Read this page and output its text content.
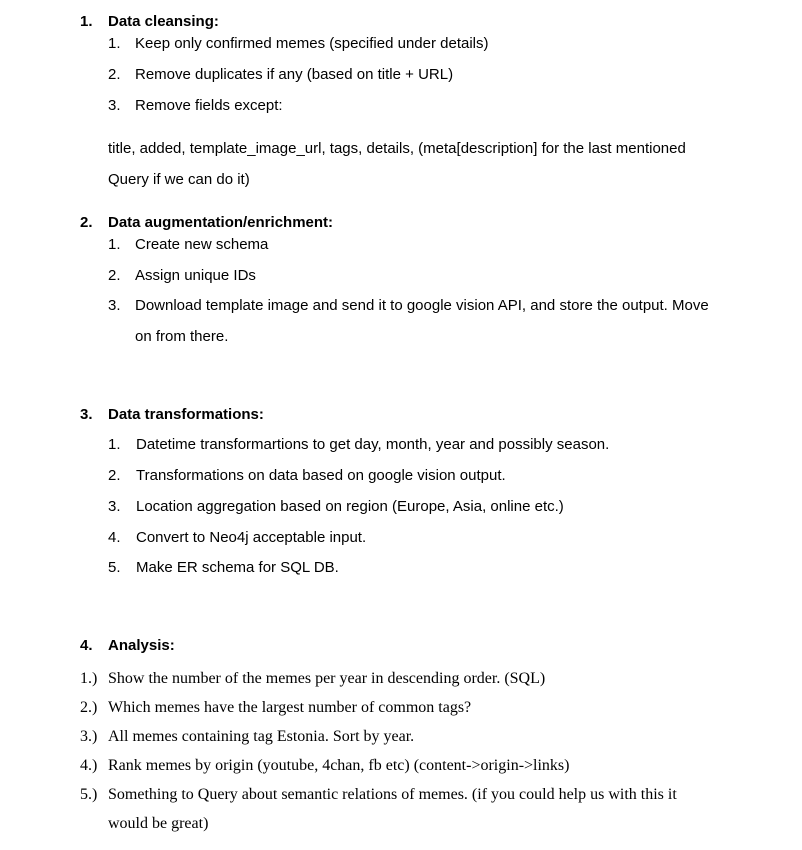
1. Data cleansing:
1. Keep only confirmed memes (specified under details)
2. Remove duplicates if any (based on title + URL)
3. Remove fields except:
title, added, template_image_url, tags, details, (meta[description] for the last mentioned
Query if we can do it)
2. Data augmentation/enrichment:
1. Create new schema
2. Assign unique IDs
3. Download template image and send it to google vision API, and store the output. Move
on from there.
3. Data transformations:
1. Datetime transformartions to get day, month, year and possibly season.
2. Transformations on data based on google vision output.
3. Location aggregation based on region (Europe, Asia, online etc.)
4. Convert to Neo4j acceptable input.
5. Make ER schema for SQL DB.
4. Analysis:
1.) Show the number of the memes per year in descending order. (SQL)
2.) Which memes have the largest number of common tags?
3.) All memes containing tag Estonia. Sort by year.
4.) Rank memes by origin (youtube, 4chan, fb etc) (content->origin->links)
5.) Something to Query about semantic relations of memes. (if you could help us with this it
would be great)
